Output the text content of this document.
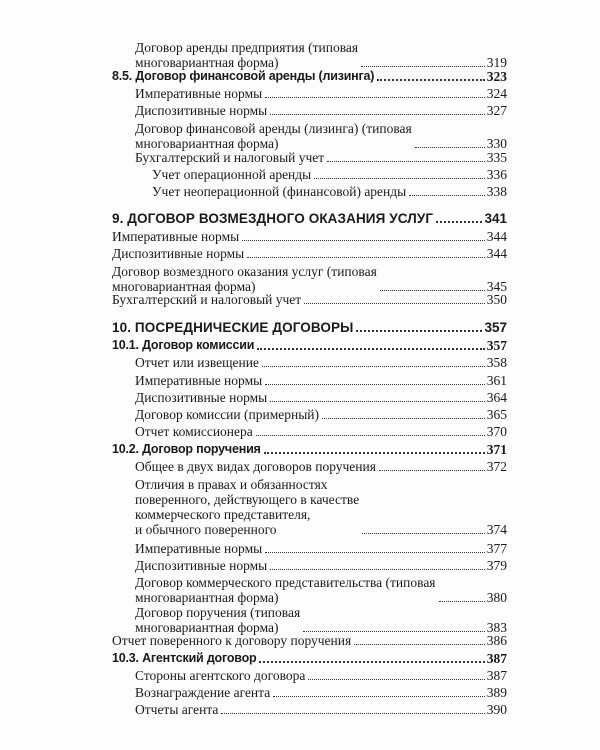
Договор аренды предприятия (типовая
многовариантная форма)	319
8.5. Договор финансовой аренды (лизинга)	323
Императивные нормы	324
Диспозитивные нормы	327
Договор финансовой аренды (лизинга) (типовая
многовариантная форма)	330
Бухгалтерский и налоговый учет	335
Учет операционной аренды	336
Учет неоперационной (финансовой) аренды	338
9. ДОГОВОР ВОЗМЕЗДНОГО ОКАЗАНИЯ УСЛУГ	341
Императивные нормы	344
Диспозитивные нормы	344
Договор возмездного оказания услуг (типовая
многовариантная форма)	345
Бухгалтерский и налоговый учет	350
10. ПОСРЕДНИЧЕСКИЕ ДОГОВОРЫ	357
10.1. Договор комиссии	357
Отчет или извещение	358
Императивные нормы	361
Диспозитивные нормы	364
Договор комиссии (примерный)	365
Отчет комиссионера	370
10.2. Договор поручения	371
Общее в двух видах договоров поручения	372
Отличия в правах и обязанностях
поверенного, действующего в качестве
коммерческого представителя,
и обычного поверенного	374
Императивные нормы	377
Диспозитивные нормы	379
Договор коммерческого представительства (типовая
многовариантная форма)	380
Договор поручения (типовая
многовариантная форма)	383
Отчет поверенного к договору поручения	386
10.3. Агентский договор	387
Стороны агентского договора	387
Вознаграждение агента	389
Отчеты агента	390
